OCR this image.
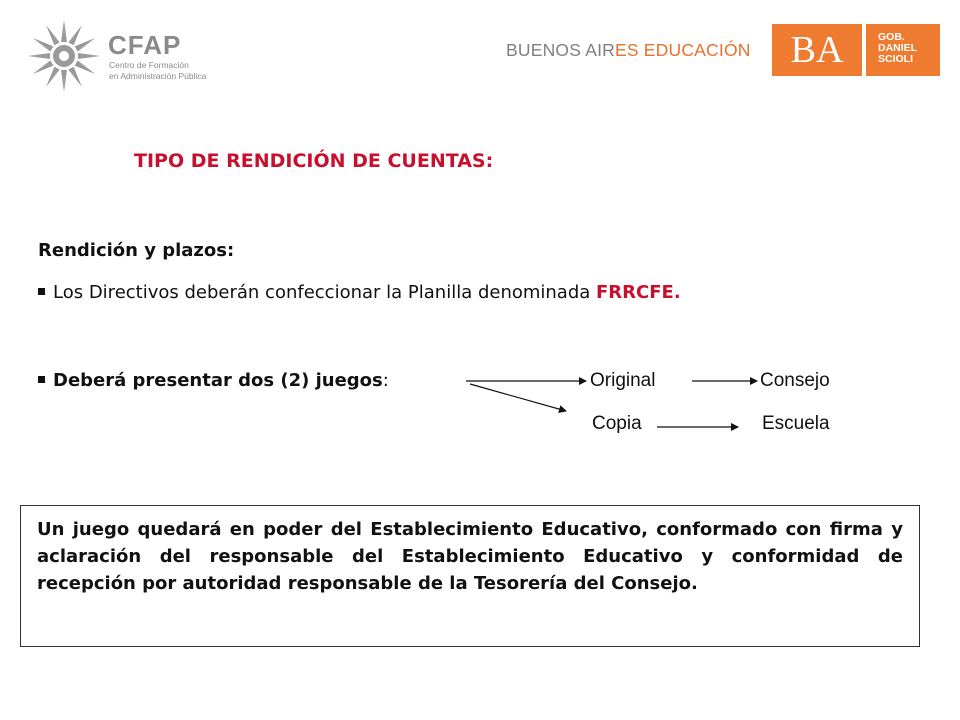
CFAP
Centro de Formación
en Administración Pública
BUENOS AIRES EDUCACIÓN	BA	GOB.
DANIEL
SCIOLI
TIPO DE RENDICIÓN DE CUENTAS:
Rendición y plazos:
Los Directivos deberán confeccionar la Planilla denominada FRRCFE.
Deberá presentar dos (2) juegos:	Original	Consejo
Copia	Escuela
Un juego quedará en poder del Establecimiento Educativo, conformado con firma y aclaración del responsable del Establecimiento Educativo y conformidad de recepción por autoridad responsable de la Tesorería del Consejo.
